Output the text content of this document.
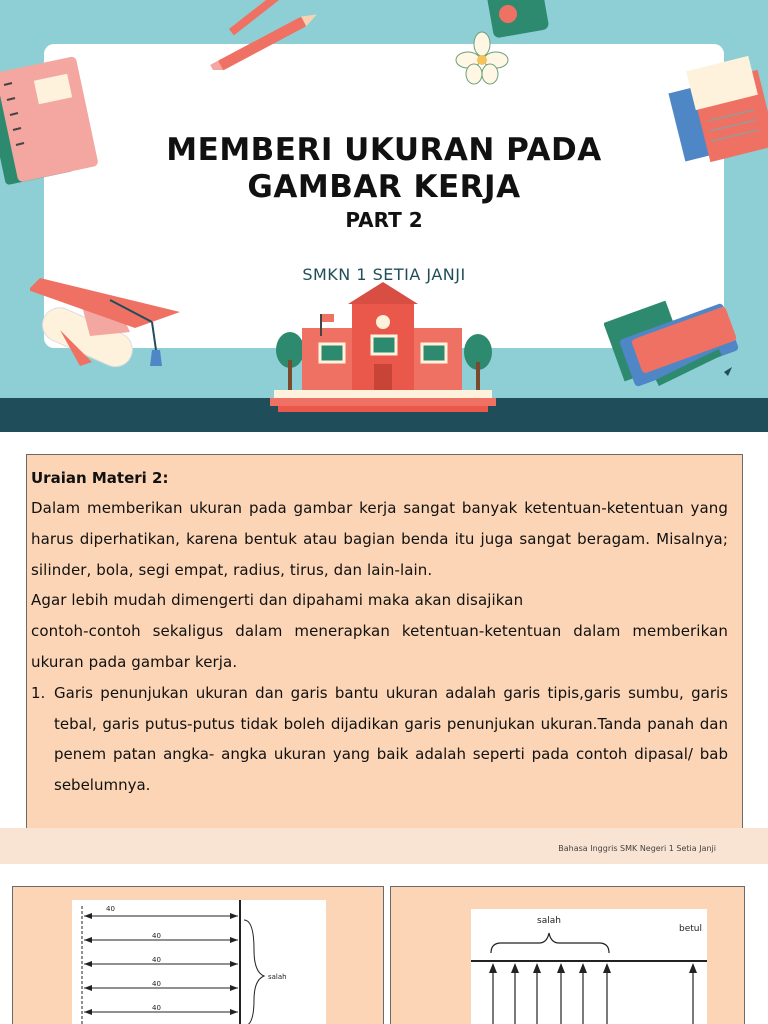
MEMBERI UKURAN PADA
GAMBAR KERJA
PART 2
SMKN 1 SETIA JANJI
Uraian Materi 2:

Dalam memberikan ukuran pada gambar kerja sangat banyak ketentuan-ketentuan yang harus diperhatikan, karena bentuk atau bagian benda itu juga sangat beragam. Misalnya; silinder, bola, segi empat, radius, tirus, dan lain-lain.

Agar lebih mudah dimengerti dan dipahami maka akan disajikan

contoh-contoh sekaligus dalam menerapkan ketentuan-ketentuan dalam memberikan ukuran pada gambar kerja.

1. Garis penunjukan ukuran dan garis bantu ukuran adalah garis tipis,garis sumbu, garis tebal, garis putus-putus tidak boleh dijadikan garis penunjukan ukuran.Tanda panah dan penem patan angka- angka ukuran yang baik adalah seperti pada contoh dipasal/ bab sebelumnya.
Bahasa Inggris SMK Negeri 1 Setia Janji
40
40
40
40
40
salah
salah
betul
